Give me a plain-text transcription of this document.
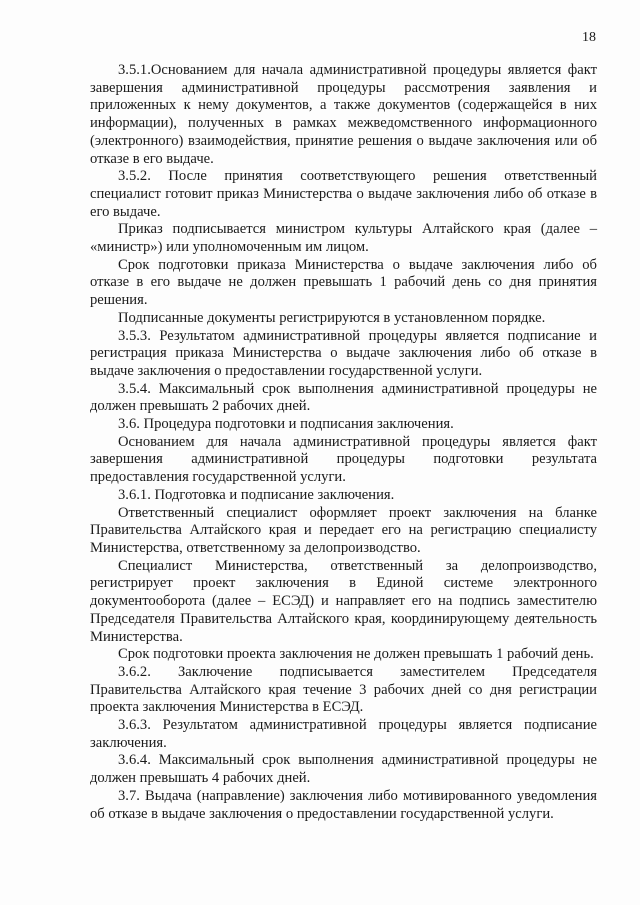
18

3.5.1.Основанием для начала административной процедуры является факт завершения административной процедуры рассмотрения заявления и приложенных к нему документов, а также документов (содержащейся в них информации), полученных в рамках межведомственного информационного (электронного) взаимодействия, принятие решения о выдаче заключения или об отказе в его выдаче.

3.5.2. После принятия соответствующего решения ответственный специалист готовит приказ Министерства о выдаче заключения либо об отказе в его выдаче.

Приказ подписывается министром культуры Алтайского края (далее – «министр») или уполномоченным им лицом.

Срок подготовки приказа Министерства о выдаче заключения либо об отказе в его выдаче не должен превышать 1 рабочий день со дня принятия решения.

Подписанные документы регистрируются в установленном порядке.

3.5.3. Результатом административной процедуры является подписание и регистрация приказа Министерства о выдаче заключения либо об отказе в выдаче заключения о предоставлении государственной услуги.

3.5.4. Максимальный срок выполнения административной процедуры не должен превышать 2 рабочих дней.

3.6. Процедура подготовки и подписания заключения.

Основанием для начала административной процедуры является факт завершения административной процедуры подготовки результата предоставления государственной услуги.

3.6.1. Подготовка и подписание заключения.

Ответственный специалист оформляет проект заключения на бланке Правительства Алтайского края и передает его на регистрацию специалисту Министерства, ответственному за делопроизводство.

Специалист Министерства, ответственный за делопроизводство, регистрирует проект заключения в Единой системе электронного документооборота (далее – ЕСЭД) и направляет его на подпись заместителю Председателя Правительства Алтайского края, координирующему деятельность Министерства.

Срок подготовки проекта заключения не должен превышать 1 рабочий день.

3.6.2. Заключение подписывается заместителем Председателя Правительства Алтайского края течение 3 рабочих дней со дня регистрации проекта заключения Министерства в ЕСЭД.

3.6.3. Результатом административной процедуры является подписание заключения.

3.6.4. Максимальный срок выполнения административной процедуры не должен превышать 4 рабочих дней.

3.7. Выдача (направление) заключения либо мотивированного уведомления об отказе в выдаче заключения о предоставлении государственной услуги.
